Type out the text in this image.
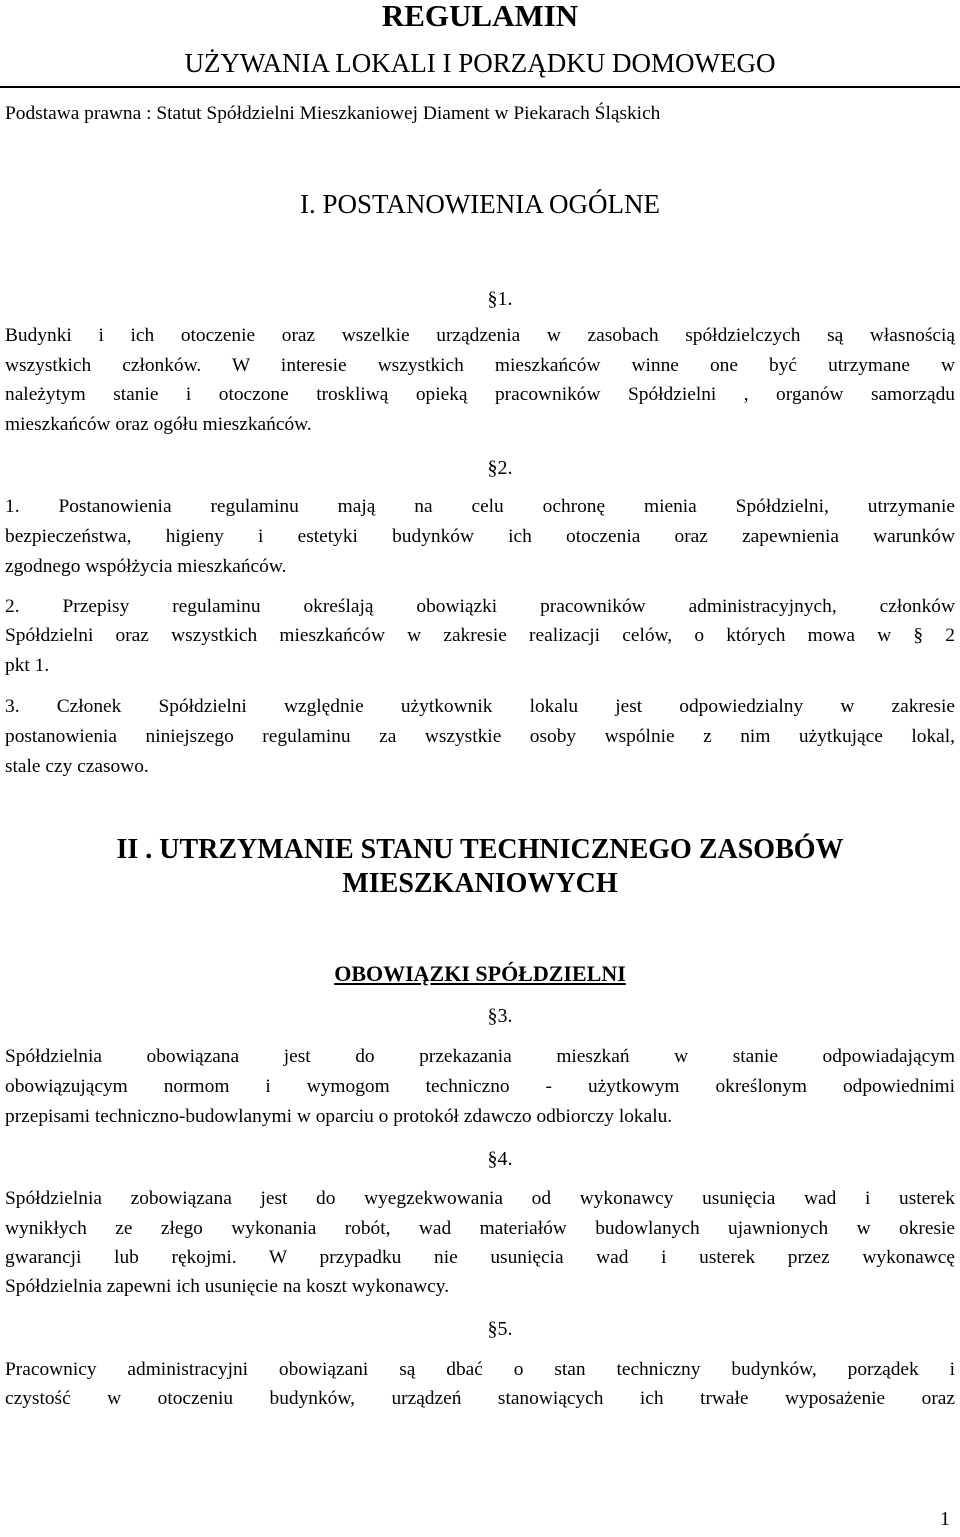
REGULAMIN
UŻYWANIA LOKALI I PORZĄDKU DOMOWEGO
Podstawa prawna : Statut Spółdzielni Mieszkaniowej Diament w Piekarach Śląskich
I. POSTANOWIENIA OGÓLNE
§1.
Budynki i ich otoczenie oraz wszelkie urządzenia w zasobach spółdzielczych są własnością
wszystkich członków. W interesie wszystkich mieszkańców winne one być utrzymane w
należytym stanie i otoczone troskliwą opieką pracowników Spółdzielni , organów samorządu
mieszkańców oraz ogółu mieszkańców.
§2.
1. Postanowienia regulaminu mają na celu ochronę mienia Spółdzielni, utrzymanie
bezpieczeństwa, higieny i estetyki budynków ich otoczenia oraz zapewnienia warunków
zgodnego współżycia mieszkańców.
2. Przepisy regulaminu określają obowiązki pracowników administracyjnych, członków
Spółdzielni oraz wszystkich mieszkańców w zakresie realizacji celów, o których mowa w § 2
pkt 1.
3. Członek Spółdzielni względnie użytkownik lokalu jest odpowiedzialny w zakresie
postanowienia niniejszego regulaminu za wszystkie osoby wspólnie z nim użytkujące lokal,
stale czy czasowo.
II . UTRZYMANIE STANU TECHNICZNEGO ZASOBÓW
MIESZKANIOWYCH
OBOWIĄZKI SPÓŁDZIELNI
§3.
Spółdzielnia obowiązana jest do przekazania mieszkań w stanie odpowiadającym
obowiązującym normom i wymogom techniczno - użytkowym określonym odpowiednimi
przepisami techniczno-budowlanymi w oparciu o protokół zdawczo odbiorczy lokalu.
§4.
Spółdzielnia zobowiązana jest do wyegzekwowania od wykonawcy usunięcia wad i usterek
wynikłych ze złego wykonania robót, wad materiałów budowlanych ujawnionych w okresie
gwarancji lub rękojmi. W przypadku nie usunięcia wad i usterek przez wykonawcę
Spółdzielnia zapewni ich usunięcie na koszt wykonawcy.
§5.
Pracownicy administracyjni obowiązani są dbać o stan techniczny budynków, porządek i
czystość w otoczeniu budynków, urządzeń stanowiących ich trwałe wyposażenie oraz
1
